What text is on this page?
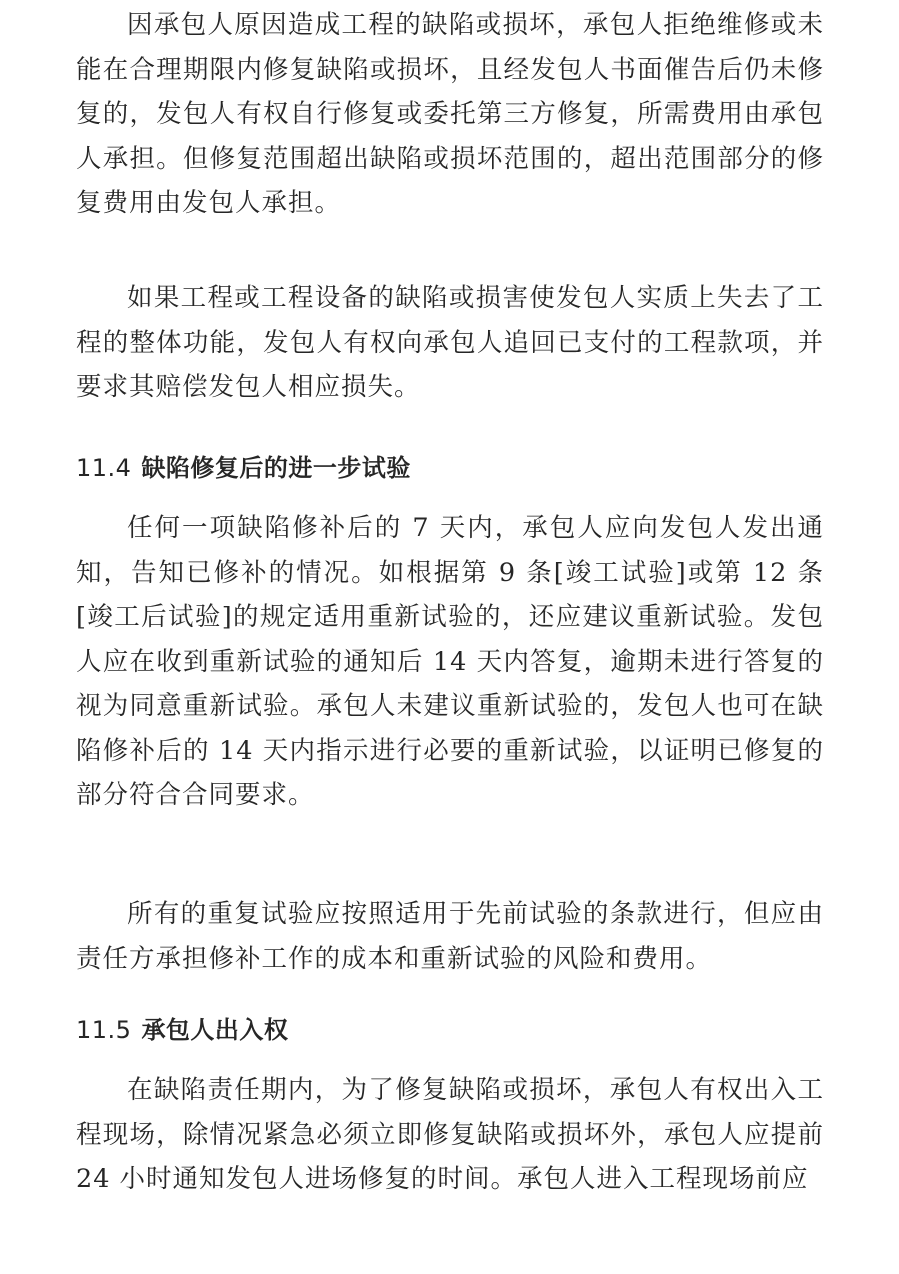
因承包人原因造成工程的缺陷或损坏，承包人拒绝维修或未能在合理期限内修复缺陷或损坏，且经发包人书面催告后仍未修复的，发包人有权自行修复或委托第三方修复，所需费用由承包人承担。但修复范围超出缺陷或损坏范围的，超出范围部分的修复费用由发包人承担。

如果工程或工程设备的缺陷或损害使发包人实质上失去了工程的整体功能，发包人有权向承包人追回已支付的工程款项，并要求其赔偿发包人相应损失。

11.4 缺陷修复后的进一步试验

任何一项缺陷修补后的 7 天内，承包人应向发包人发出通知，告知已修补的情况。如根据第 9 条[竣工试验]或第 12 条[竣工后试验]的规定适用重新试验的，还应建议重新试验。发包人应在收到重新试验的通知后 14 天内答复，逾期未进行答复的视为同意重新试验。承包人未建议重新试验的，发包人也可在缺陷修补后的 14 天内指示进行必要的重新试验，以证明已修复的部分符合合同要求。

所有的重复试验应按照适用于先前试验的条款进行，但应由责任方承担修补工作的成本和重新试验的风险和费用。

11.5 承包人出入权

在缺陷责任期内，为了修复缺陷或损坏，承包人有权出入工程现场，除情况紧急必须立即修复缺陷或损坏外，承包人应提前 24 小时通知发包人进场修复的时间。承包人进入工程现场前应
